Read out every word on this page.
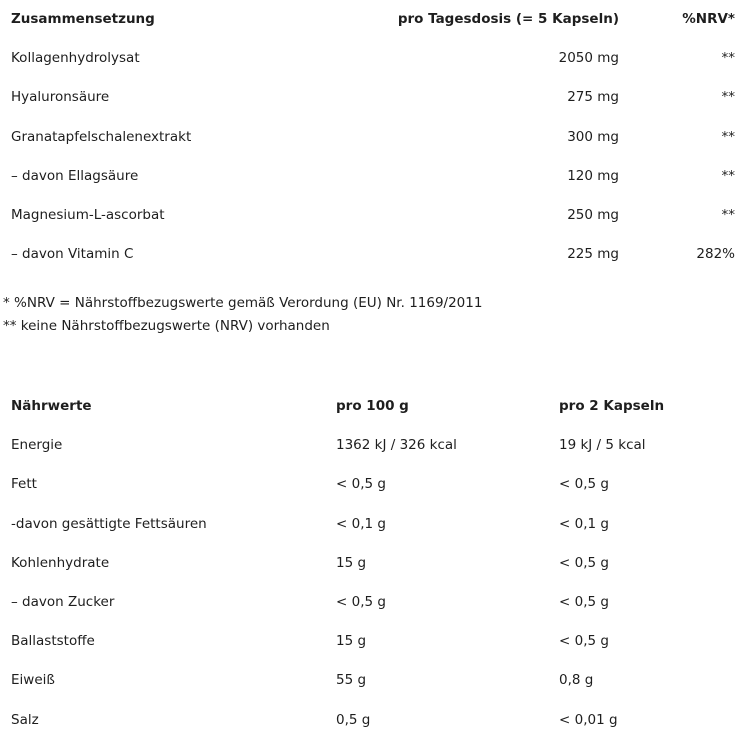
Zusammensetzung	pro Tagesdosis (= 5 Kapseln)	%NRV*
Kollagenhydrolysat	2050 mg	**
Hyaluronsäure	275 mg	**
Granatapfelschalenextrakt	300 mg	**
– davon Ellagsäure	120 mg	**
Magnesium-L-ascorbat	250 mg	**
– davon Vitamin C	225 mg	282%
* %NRV = Nährstoffbezugswerte gemäß Verordung (EU) Nr. 1169/2011
** keine Nährstoffbezugswerte (NRV) vorhanden
Nährwerte	pro 100 g	pro 2 Kapseln
Energie	1362 kJ / 326 kcal	19 kJ / 5 kcal
Fett	< 0,5 g	< 0,5 g
-davon gesättigte Fettsäuren	< 0,1 g	< 0,1 g
Kohlenhydrate	15 g	< 0,5 g
– davon Zucker	< 0,5 g	< 0,5 g
Ballaststoffe	15 g	< 0,5 g
Eiweiß	55 g	0,8 g
Salz	0,5 g	< 0,01 g
